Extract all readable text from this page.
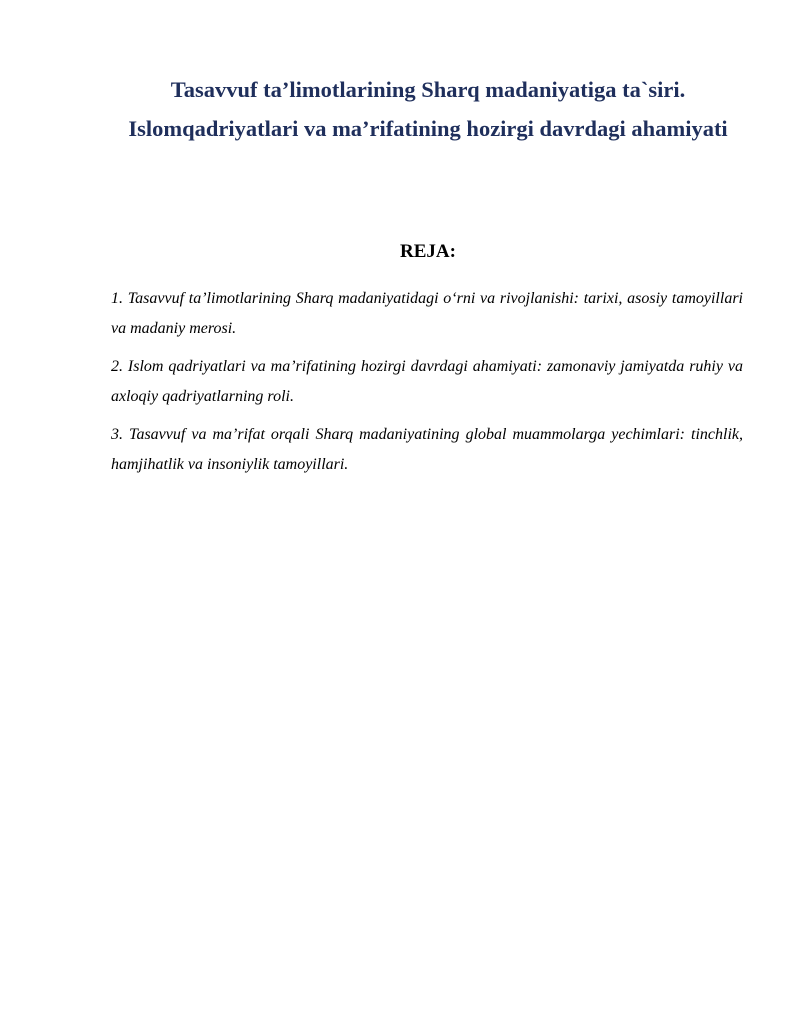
Tasavvuf ta’limotlarining Sharq madaniyatiga ta`siri.
Islomqadriyatlari va ma’rifatining hozirgi davrdagi ahamiyati
REJA:
1. Tasavvuf ta’limotlarining Sharq madaniyatidagi o‘rni va rivojlanishi: tarixi, asosiy tamoyillari va madaniy merosi.
2. Islom qadriyatlari va ma’rifatining hozirgi davrdagi ahamiyati: zamonaviy jamiyatda ruhiy va axloqiy qadriyatlarning roli.
3. Tasavvuf va ma’rifat orqali Sharq madaniyatining global muammolarga yechimlari: tinchlik, hamjihatlik va insoniylik tamoyillari.
